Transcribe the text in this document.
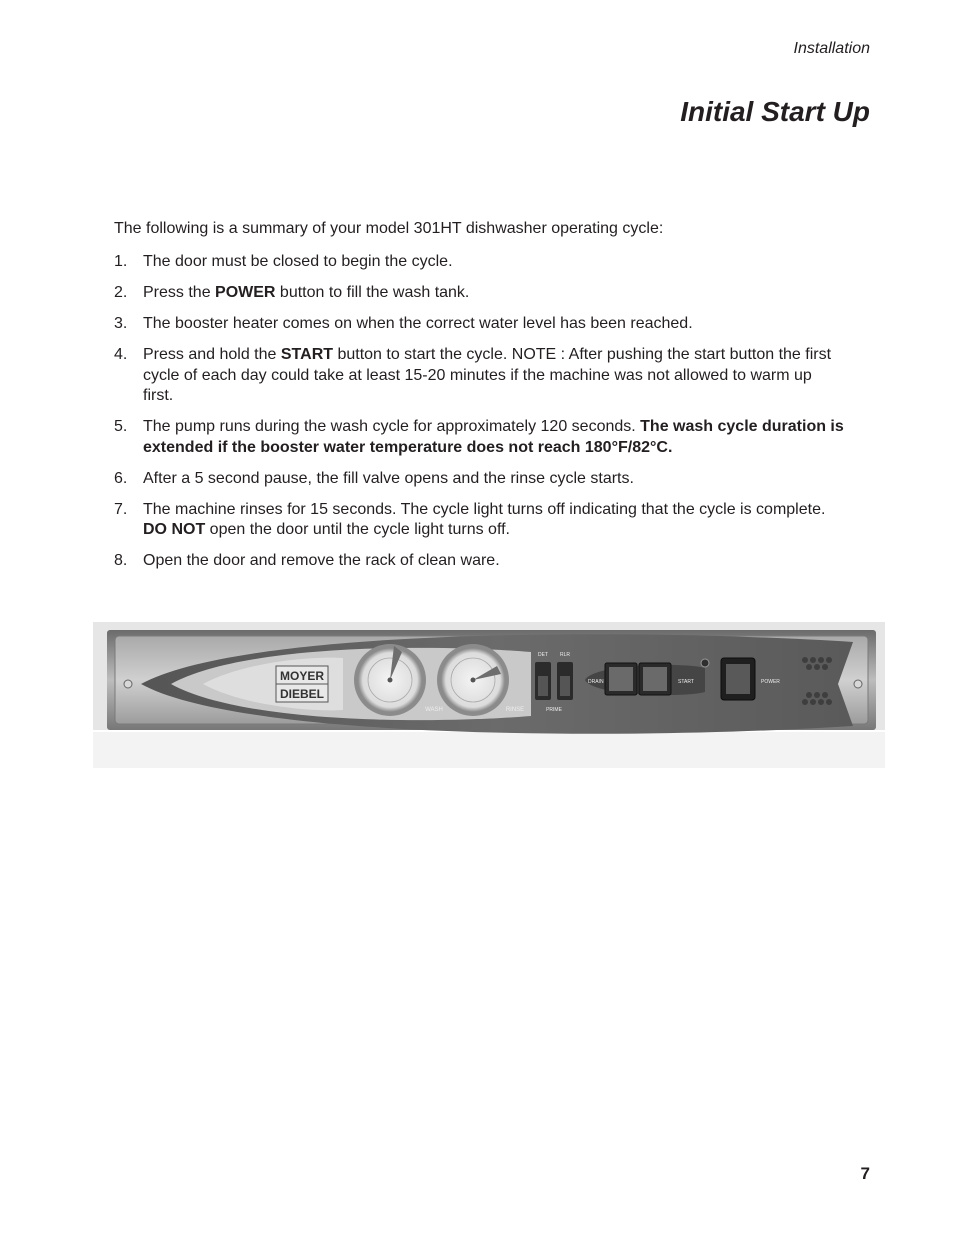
Installation
Initial Start Up

The following is a summary of your model 301HT dishwasher operating cycle:

1. The door must be closed to begin the cycle.
2. Press the POWER button to fill the wash tank.
3. The booster heater comes on when the correct water level has been reached.
4. Press and hold the START button to start the cycle. NOTE : After pushing the start button the first cycle of each day could take at least 15-20 minutes if the machine was not allowed to warm up first.
5. The pump runs during the wash cycle for approximately 120 seconds. The wash cycle duration is extended if the booster water temperature does not reach 180°F/82°C.
6. After a 5 second pause, the fill valve opens and the rinse cycle starts.
7. The machine rinses for 15 seconds. The cycle light turns off indicating that the cycle is complete. DO NOT open the door until the cycle light turns off.
8. Open the door and remove the rack of clean ware.
MOYER
DIEBEL
WASH	RINSE
DET RLR
PRIME
DRAIN	START	POWER
7
